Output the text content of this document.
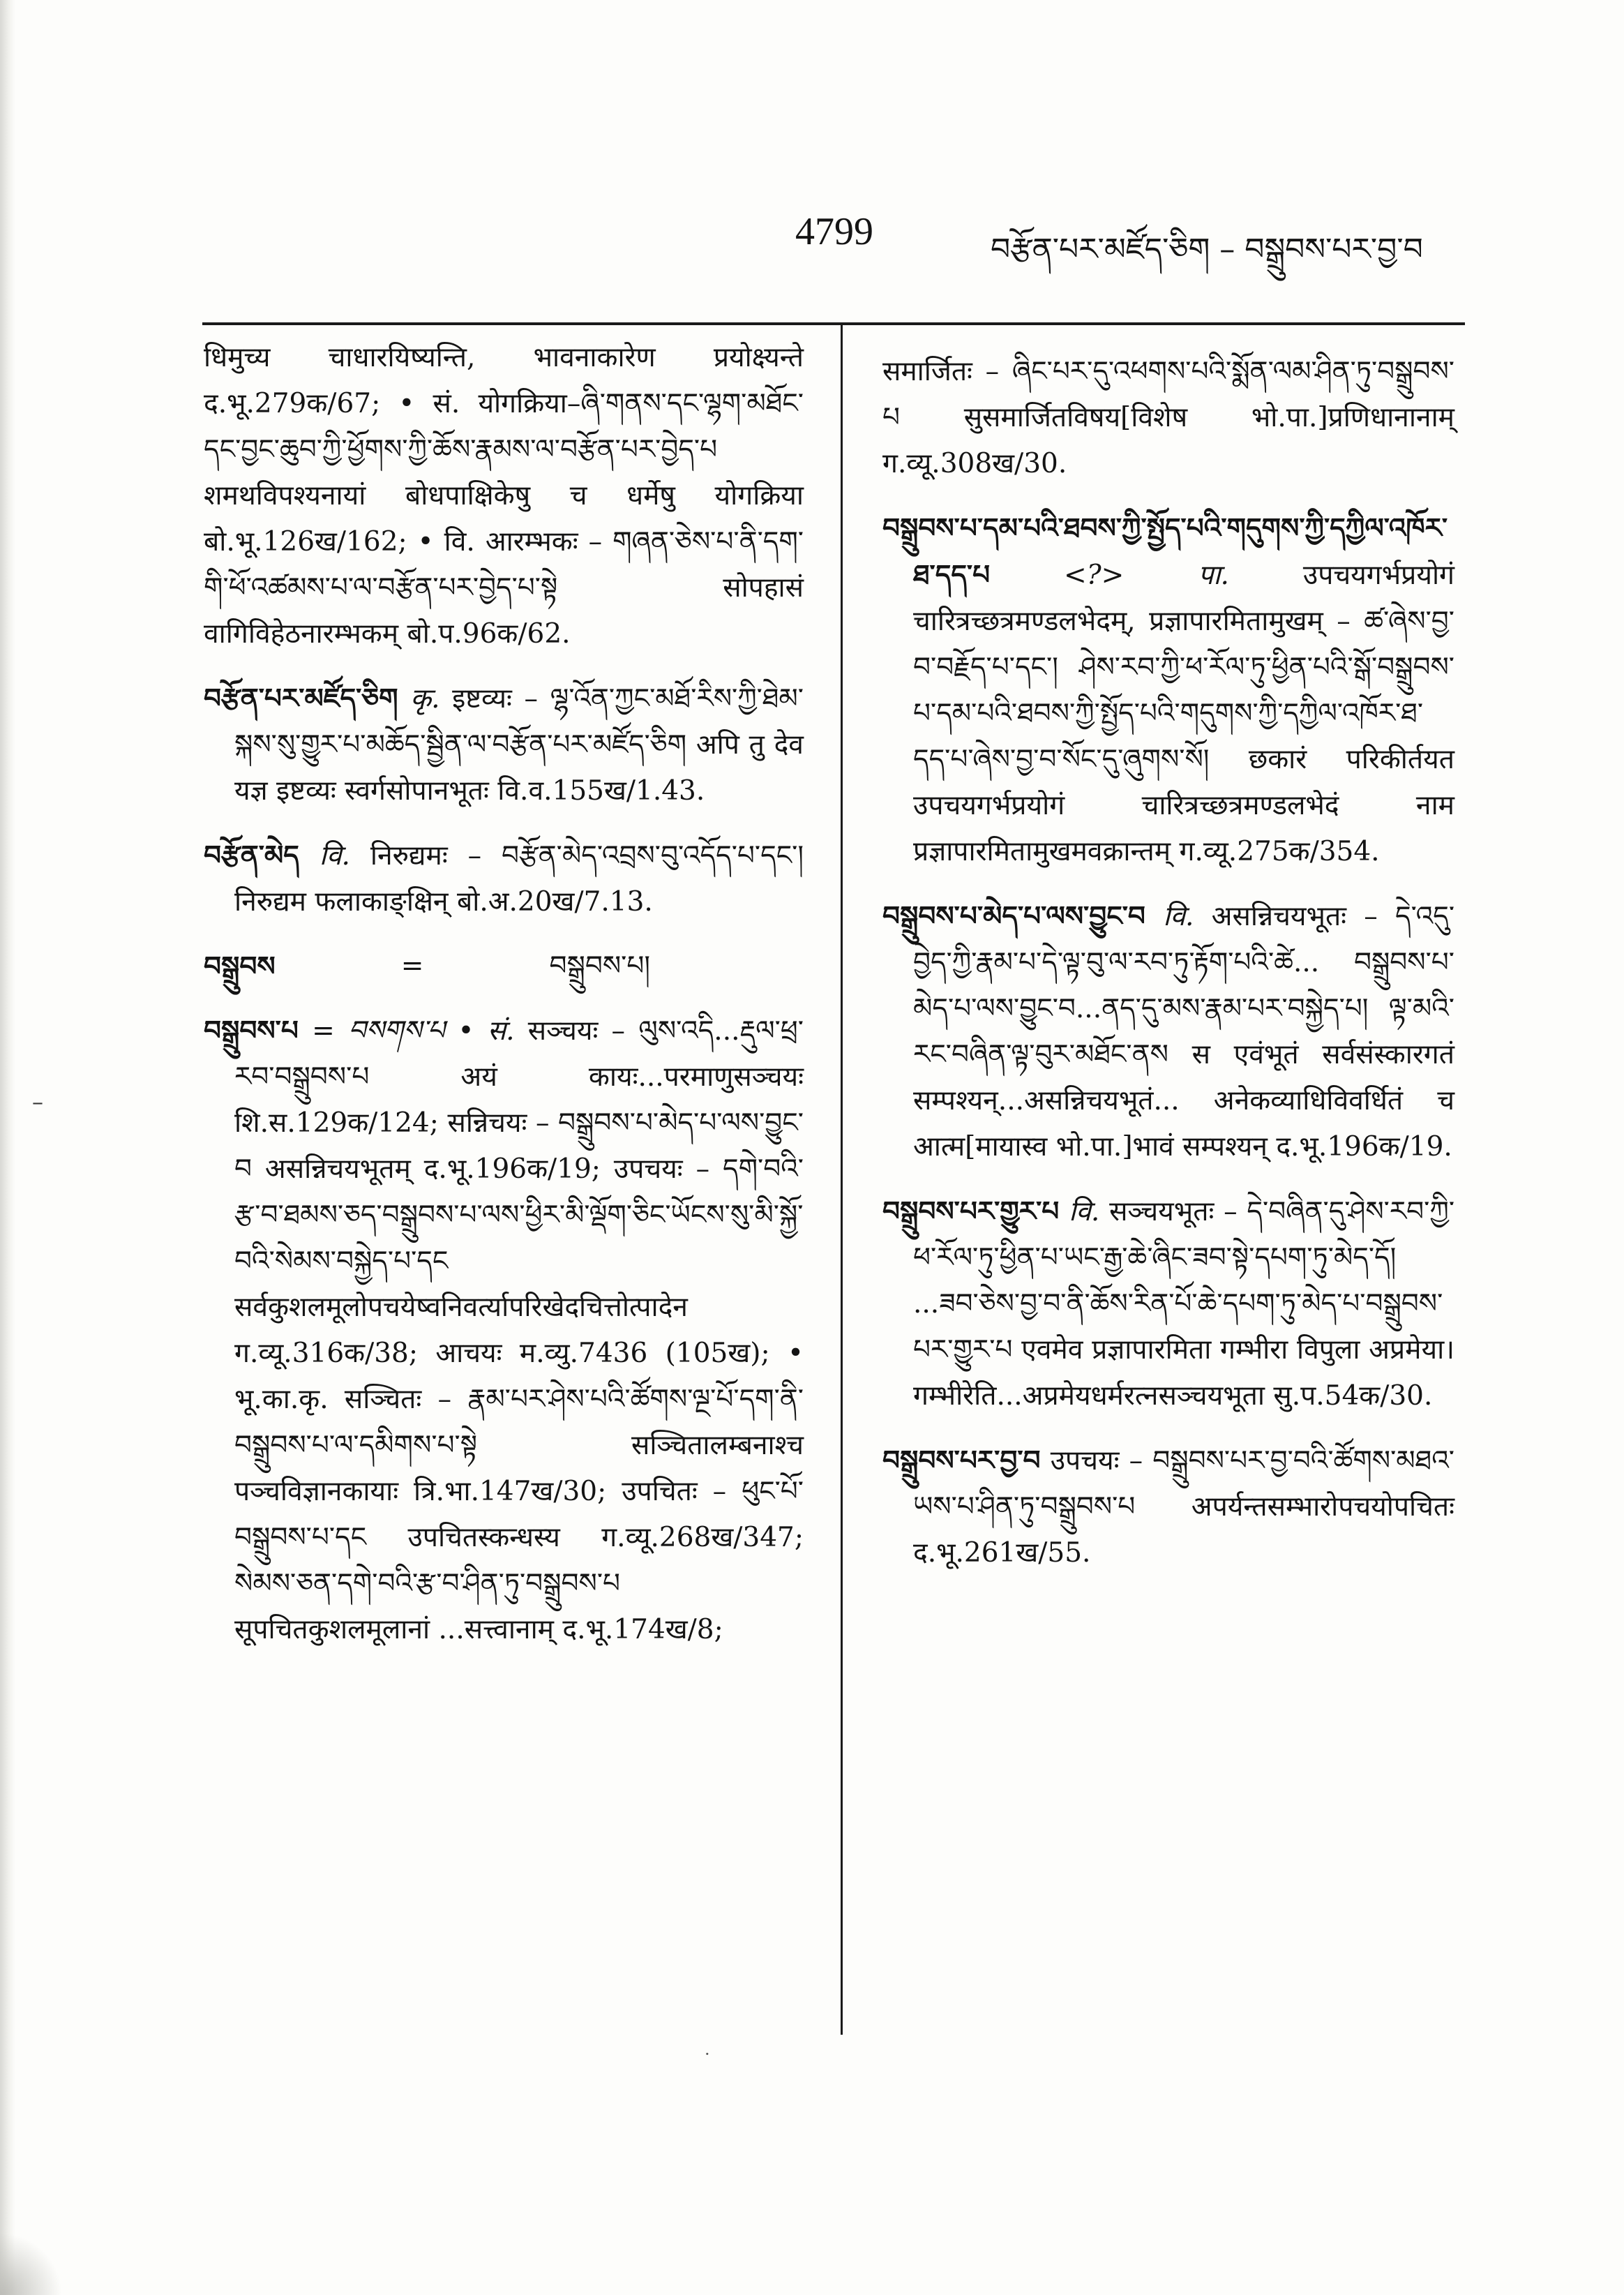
–
4799	བརྩོན་པར་མཛོད་ཅིག – བསྒྲུབས་པར་བྱ་བ

धिमुच्य चाधारयिष्यन्ति, भावनाकारेण प्रयोक्ष्यन्ते द.भू.279क/67; • सं. योगक्रिया–ཞི་གནས་དང་ལྷག་མཐོང་དང་བྱང་ཆུབ་ཀྱི་ཕྱོགས་ཀྱི་ཆོས་རྣམས་ལ་བརྩོན་པར་བྱེད་པ शमथविपश्यनायां बोधपाक्षिकेषु च धर्मेषु योगक्रिया बो.भू.126ख/162; • वि. आरम्भकः – གཞན་ཅེས་པ་ནི་དག་གི་ཕོ་འཚམས་པ་ལ་བརྩོན་པར་བྱེད་པ་སྟེ सोपहासं वागिविहेठनारम्भकम् बो.प.96क/62.

བརྩོན་པར་མཛོད་ཅིག कृ. इष्टव्यः – ལྷ་འོན་ཀྱང་མཐོ་རིས་ཀྱི་ཐེམ་སྐས་སུ་གྱུར་པ་མཆོད་སྦྱིན་ལ་བརྩོན་པར་མཛོད་ཅིག अपि तु देव यज्ञ इष्टव्यः स्वर्गसोपानभूतः वि.व.155ख/1.43.

བརྩོན་མེད वि. निरुद्यमः – བརྩོན་མེད་འབྲས་བུ་འདོད་པ་དང༌། निरुद्यम फलाकाङ्क्षिन् बो.अ.20ख/7.13.

བསྒྲུབས	=	བསྒྲུབས་པ།

བསྒྲུབས་པ = བསགས་པ • सं. सञ्चयः – ལུས་འདི...རྡུལ་ཕྲ་རབ་བསྒྲུབས་པ अयं कायः...परमाणुसञ्चयः शि.स.129क/124; सन्निचयः – བསྒྲུབས་པ་མེད་པ་ལས་བྱུང་བ असन्निचयभूतम् द.भू.196क/19; उपचयः – དགེ་བའི་རྩ་བ་ཐམས་ཅད་བསྒྲུབས་པ་ལས་ཕྱིར་མི་ལྡོག་ཅིང་ཡོངས་སུ་མི་སྐྱོ་བའི་སེམས་བསྐྱེད་པ་དང सर्वकुशलमूलोपचयेष्वनिवर्त्यापरिखेदचित्तोत्पादेन ग.व्यू.316क/38; आचयः म.व्यु.7436 (105ख); • भू.का.कृ. सञ्चितः – རྣམ་པར་ཤེས་པའི་ཚོགས་ལྔ་པོ་དག་ནི་བསྒྲུབས་པ་ལ་དམིགས་པ་སྟེ सञ्चितालम्बनाश्च पञ्चविज्ञानकायाः त्रि.भा.147ख/30; उपचितः – ཕུང་པོ་བསྒྲུབས་པ་དང उपचितस्कन्धस्य ग.व्यू.268ख/347; སེམས་ཅན་དགེ་བའི་རྩ་བ་ཤིན་ཏུ་བསྒྲུབས་པ सूपचितकुशलमूलानां ...सत्त्वानाम् द.भू.174ख/8;

समार्जितः – ཞིང་པར་དུ་འཕགས་པའི་སྨོན་ལམ་ཤིན་ཏུ་བསྒྲུབས་པ सुसमार्जितविषय[विशेष भो.पा.]प्रणिधानानाम् ग.व्यू.308ख/30.

བསྒྲུབས་པ་དམ་པའི་ཐབས་ཀྱི་སྤྱོད་པའི་གདུགས་ཀྱི་དཀྱིལ་འཁོར་ཐ་དད་པ	<?> पा.	उपचयगर्भप्रयोगं चारित्रच्छत्रमण्डलभेदम्, प्रज्ञापारमितामुखम् – ཚ་ཞེས་བྱ་བ་བརྗོད་པ་དང༌། ཤེས་རབ་ཀྱི་ཕ་རོལ་ཏུ་ཕྱིན་པའི་སྒོ་བསྒྲུབས་པ་དམ་པའི་ཐབས་ཀྱི་སྤྱོད་པའི་གདུགས་ཀྱི་དཀྱིལ་འཁོར་ཐ་དད་པ་ཞེས་བྱ་བ་སོང་དུ་ཞུགས་སོ། छकारं परिकीर्तयत उपचयगर्भप्रयोगं चारित्रच्छत्रमण्डलभेदं नाम प्रज्ञापारमितामुखमवक्रान्तम् ग.व्यू.275क/354.

བསྒྲུབས་པ་མེད་པ་ལས་བྱུང་བ वि. असन्निचयभूतः – དེ་འདུ་བྱེད་ཀྱི་རྣམ་པ་དེ་ལྟ་བུ་ལ་རབ་ཏུ་རྟོག་པའི་ཚེ... བསྒྲུབས་པ་མེད་པ་ལས་བྱུང་བ...ནད་དུ་མས་རྣམ་པར་བསྐྱེད་པ། ལྟ་མའི་རང་བཞིན་ལྟ་བུར་མཐོང་ནས स एवंभूतं सर्वसंस्कारगतं सम्पश्यन्...असन्निचयभूतं... अनेकव्याधिविवर्धितं च आत्म[मायास्व भो.पा.]भावं सम्पश्यन् द.भू.196क/19.

བསྒྲུབས་པར་གྱུར་པ वि. सञ्चयभूतः – དེ་བཞིན་དུ་ཤེས་རབ་ཀྱི་ཕ་རོལ་ཏུ་ཕྱིན་པ་ཡང་རྒྱ་ཆེ་ཞིང་ཟབ་སྟེ་དཔག་ཏུ་མེད་དོ། ...ཟབ་ཅེས་བྱ་བ་ནི་ཆོས་རིན་པོ་ཆེ་དཔག་ཏུ་མེད་པ་བསྒྲུབས་པར་གྱུར་པ एवमेव प्रज्ञापारमिता गम्भीरा विपुला अप्रमेया। गम्भीरेति...अप्रमेयधर्मरत्नसञ्चयभूता सु.प.54क/30.

བསྒྲུབས་པར་བྱ་བ उपचयः – བསྒྲུབས་པར་བྱ་བའི་ཚོགས་མཐའ་ཡས་པ་ཤིན་ཏུ་བསྒྲུབས་པ अपर्यन्तसम्भारोपचयोपचितः द.भू.261ख/55.

·
